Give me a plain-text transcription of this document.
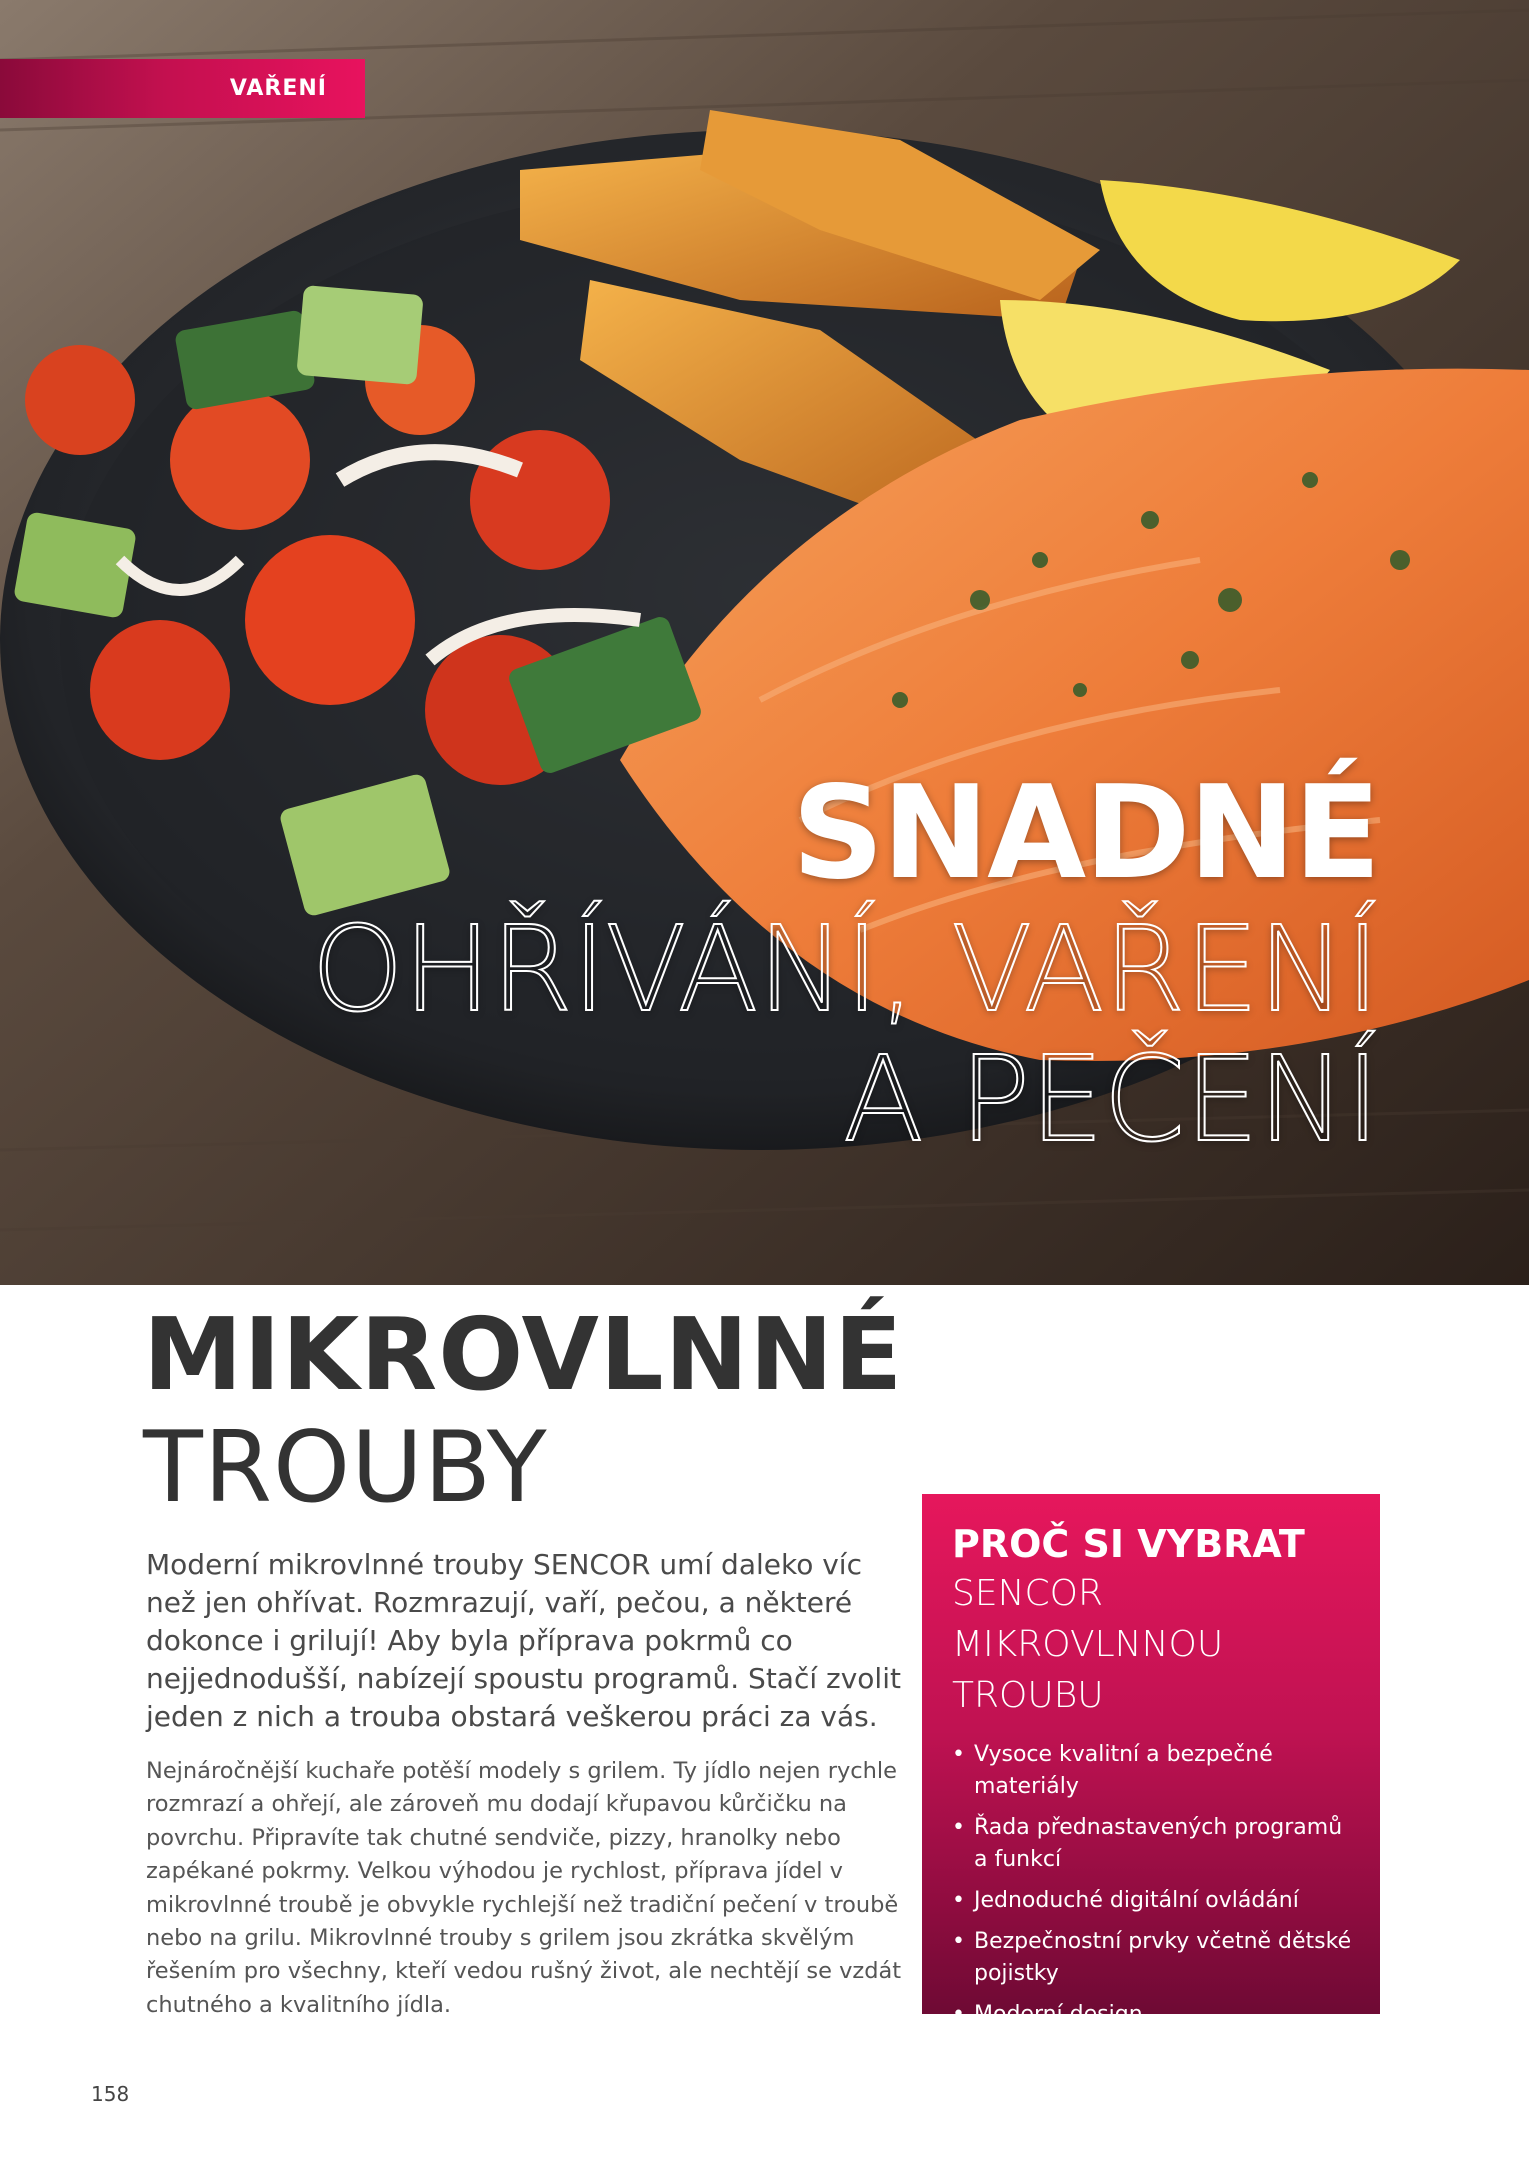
VAŘENÍ
SNADNÉ
OHŘÍVÁNÍ, VAŘENÍ
A PEČENÍ
MIKROVLNNÉ
TROUBY

Moderní mikrovlnné trouby SENCOR umí daleko víc než jen ohřívat. Rozmrazují, vaří, pečou, a některé dokonce i grilují! Aby byla příprava pokrmů co nejjednodušší, nabízejí spoustu programů. Stačí zvolit jeden z nich a trouba obstará veškerou práci za vás.

Nejnáročnější kuchaře potěší modely s grilem. Ty jídlo nejen rychle rozmrazí a ohřejí, ale zároveň mu dodají křupavou kůrčičku na povrchu. Připravíte tak chutné sendviče, pizzy, hranolky nebo zapékané pokrmy. Velkou výhodou je rychlost, příprava jídel v mikrovlnné troubě je obvykle rychlejší než tradiční pečení v troubě nebo na grilu. Mikrovlnné trouby s grilem jsou zkrátka skvělým řešením pro všechny, kteří vedou rušný život, ale nechtějí se vzdát chutného a kvalitního jídla.

PROČ SI VYBRAT

SENCOR

MIKROVLNNOU

TROUBU

• Vysoce kvalitní a bezpečné materiály
• Řada přednastavených programů a funkcí
• Jednoduché digitální ovládání
• Bezpečnostní prvky včetně dětské pojistky
• Moderní design
158
